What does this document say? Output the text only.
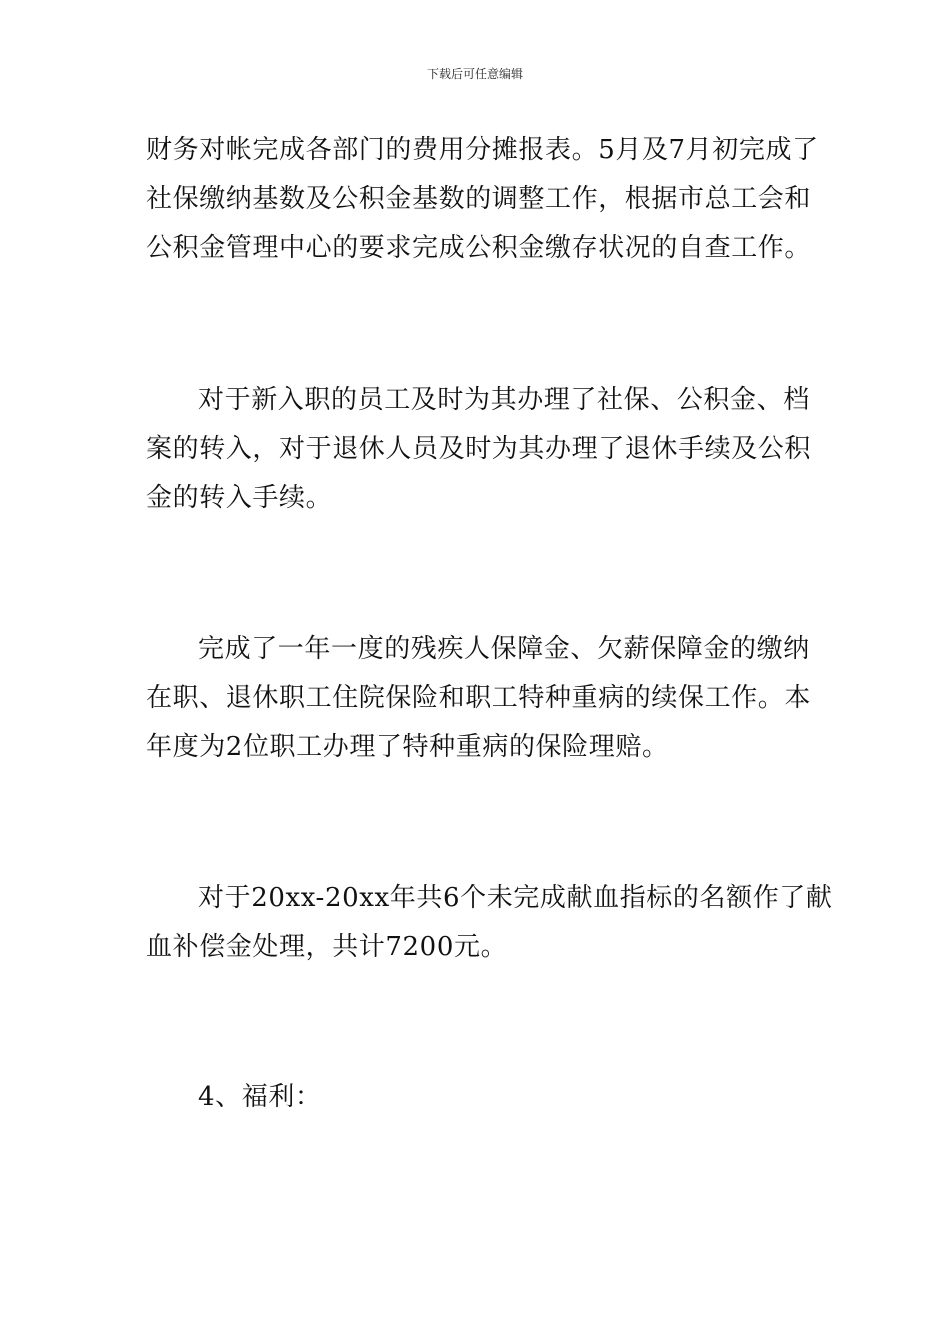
下载后可任意编辑
财务对帐完成各部门的费用分摊报表。5月及7月初完成了
社保缴纳基数及公积金基数的调整工作，根据市总工会和
公积金管理中心的要求完成公积金缴存状况的自查工作。
对于新入职的员工及时为其办理了社保、公积金、档
案的转入，对于退休人员及时为其办理了退休手续及公积
金的转入手续。
完成了一年一度的残疾人保障金、欠薪保障金的缴纳
在职、退休职工住院保险和职工特种重病的续保工作。本
年度为2位职工办理了特种重病的保险理赔。
对于20xx-20xx年共6个未完成献血指标的名额作了献
血补偿金处理，共计7200元。
4、福利：
